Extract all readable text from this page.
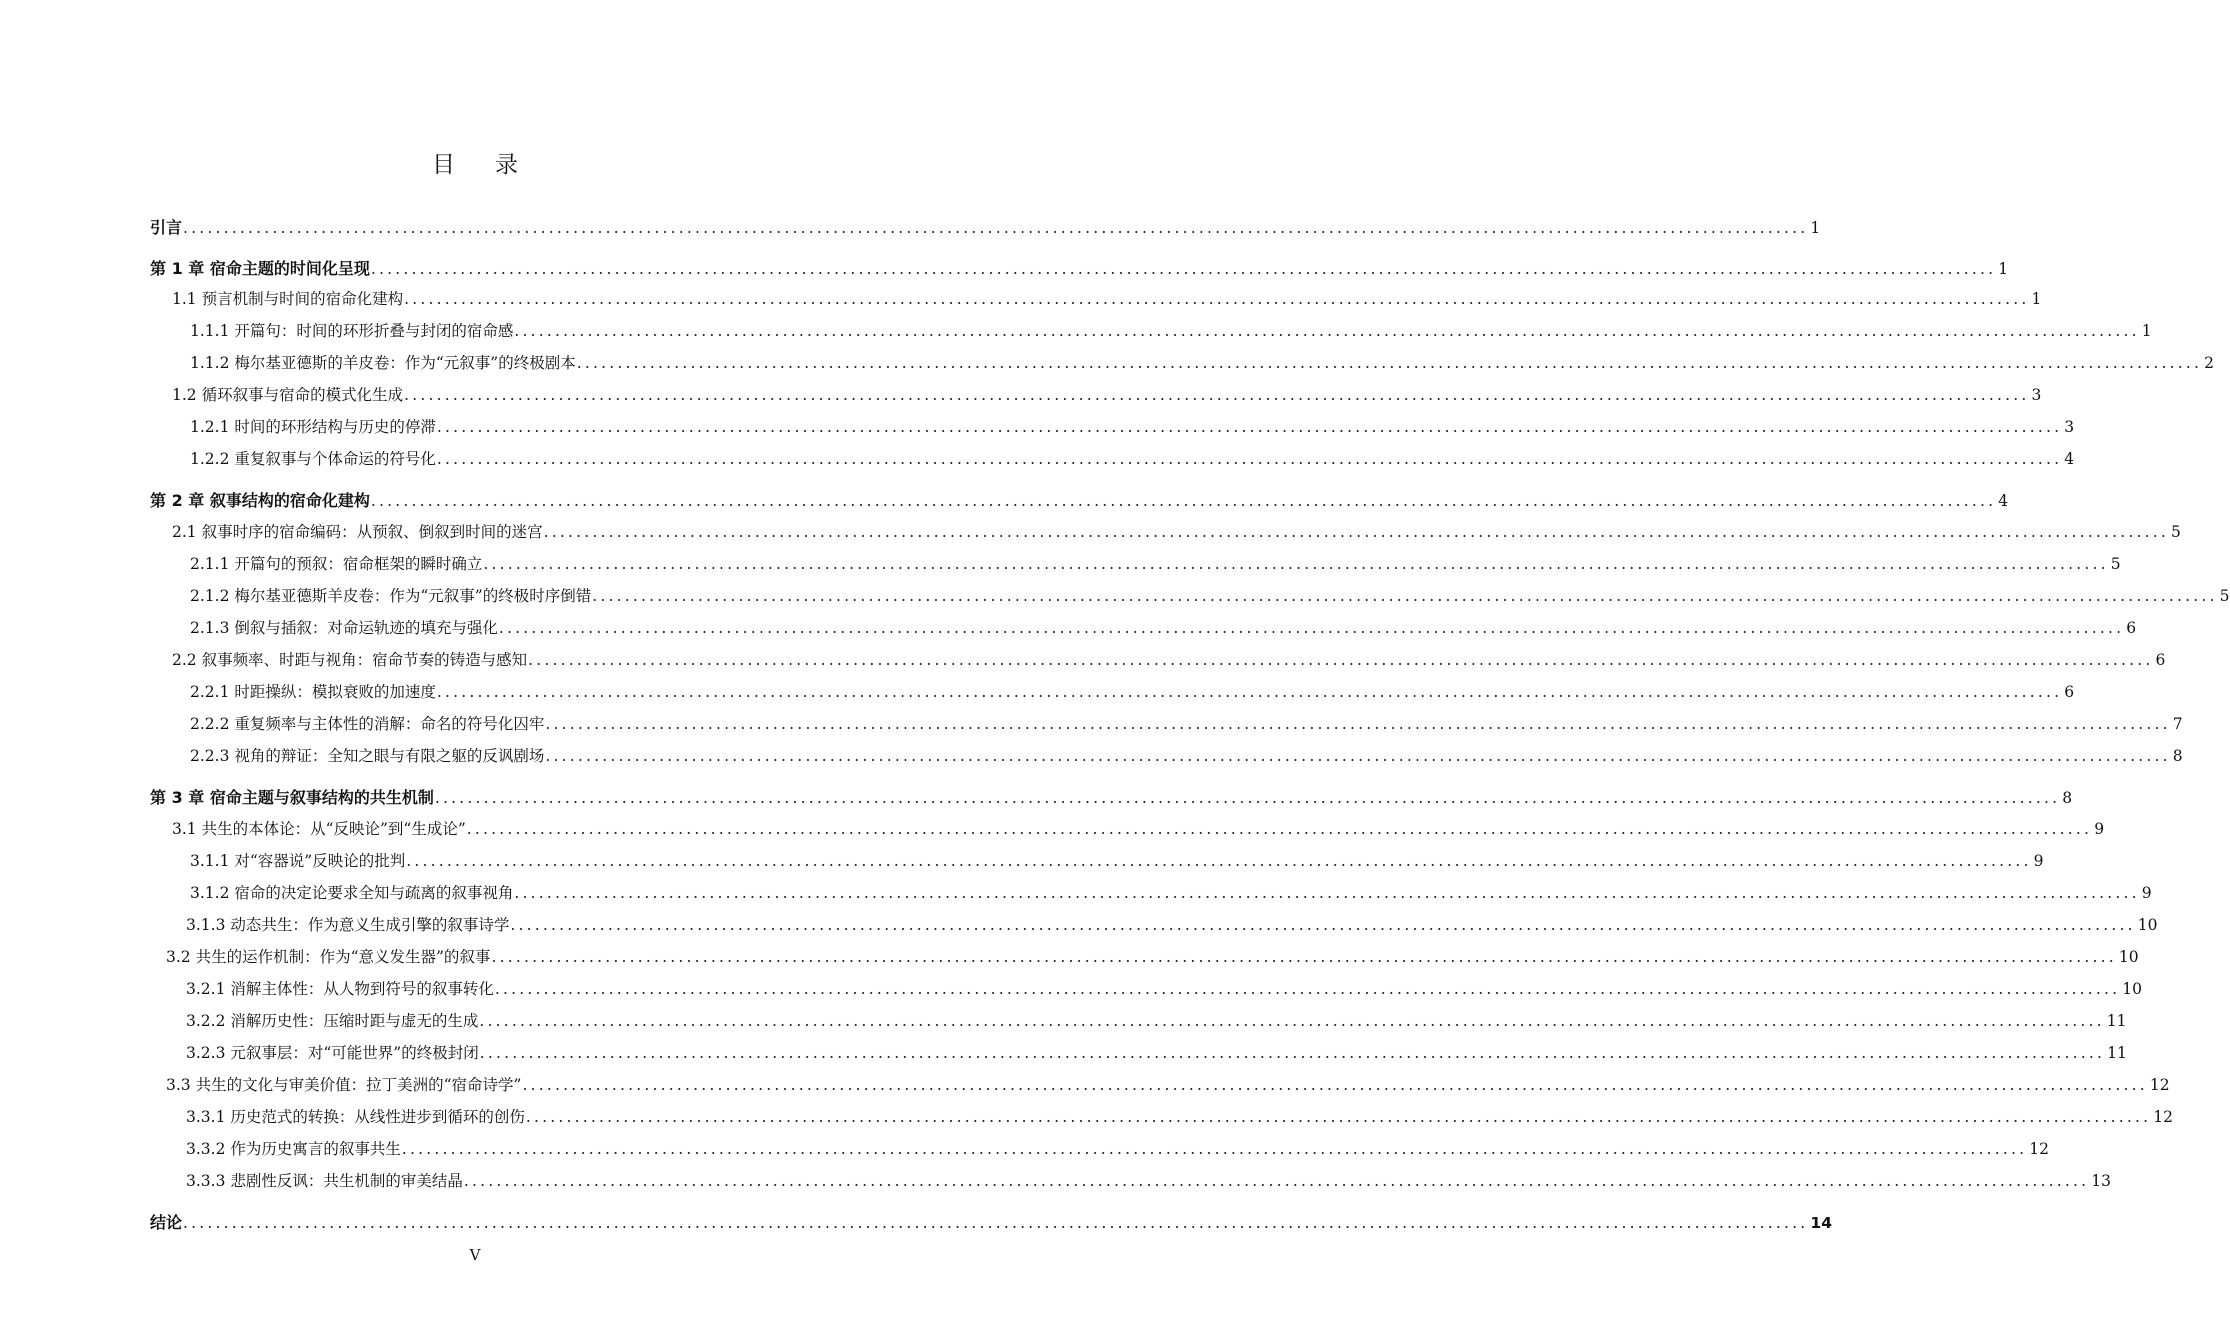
目 录
引言 ........................................................................................................................................................................................................ 1
第 1 章 宿命主题的时间化呈现 ........................................................................................................................................................................................................ 1
1.1 预言机制与时间的宿命化建构 ........................................................................................................................................................................................................ 1
1.1.1 开篇句：时间的环形折叠与封闭的宿命感 ........................................................................................................................................................................................................ 1
1.1.2 梅尔基亚德斯的羊皮卷：作为“元叙事”的终极剧本 ........................................................................................................................................................................................................ 2
1.2 循环叙事与宿命的模式化生成 ........................................................................................................................................................................................................ 3
1.2.1 时间的环形结构与历史的停滞 ........................................................................................................................................................................................................ 3
1.2.2 重复叙事与个体命运的符号化 ........................................................................................................................................................................................................ 4
第 2 章 叙事结构的宿命化建构 ........................................................................................................................................................................................................ 4
2.1 叙事时序的宿命编码：从预叙、倒叙到时间的迷宫 ........................................................................................................................................................................................................ 5
2.1.1 开篇句的预叙：宿命框架的瞬时确立 ........................................................................................................................................................................................................ 5
2.1.2 梅尔基亚德斯羊皮卷：作为“元叙事”的终极时序倒错 ........................................................................................................................................................................................................ 5
2.1.3 倒叙与插叙：对命运轨迹的填充与强化 ........................................................................................................................................................................................................ 6
2.2 叙事频率、时距与视角：宿命节奏的铸造与感知 ........................................................................................................................................................................................................ 6
2.2.1 时距操纵：模拟衰败的加速度 ........................................................................................................................................................................................................ 6
2.2.2 重复频率与主体性的消解：命名的符号化囚牢 ........................................................................................................................................................................................................ 7
2.2.3 视角的辩证：全知之眼与有限之躯的反讽剧场 ........................................................................................................................................................................................................ 8
第 3 章 宿命主题与叙事结构的共生机制 ........................................................................................................................................................................................................ 8
3.1 共生的本体论：从“反映论”到“生成论” ........................................................................................................................................................................................................ 9
3.1.1 对“容器说”反映论的批判 ........................................................................................................................................................................................................ 9
3.1.2 宿命的决定论要求全知与疏离的叙事视角 ........................................................................................................................................................................................................ 9
3.1.3 动态共生：作为意义生成引擎的叙事诗学 ........................................................................................................................................................................................................ 10
3.2 共生的运作机制：作为“意义发生器”的叙事 ........................................................................................................................................................................................................ 10
3.2.1 消解主体性：从人物到符号的叙事转化 ........................................................................................................................................................................................................ 10
3.2.2 消解历史性：压缩时距与虚无的生成 ........................................................................................................................................................................................................ 11
3.2.3 元叙事层：对“可能世界”的终极封闭 ........................................................................................................................................................................................................ 11
3.3 共生的文化与审美价值：拉丁美洲的“宿命诗学” ........................................................................................................................................................................................................ 12
3.3.1 历史范式的转换：从线性进步到循环的创伤 ........................................................................................................................................................................................................ 12
3.3.2 作为历史寓言的叙事共生 ........................................................................................................................................................................................................ 12
3.3.3 悲剧性反讽：共生机制的审美结晶 ........................................................................................................................................................................................................ 13
结论 ........................................................................................................................................................................................................ 14
V
